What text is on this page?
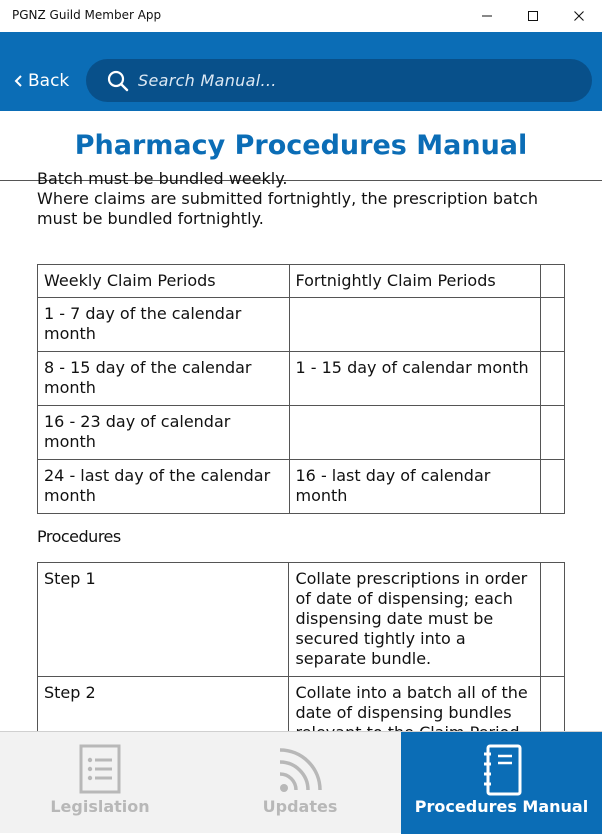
PGNZ Guild Member App
Back	Search Manual...
Pharmacy Procedures Manual
Batch must be bundled weekly.
Where claims are submitted fortnightly, the prescription batch must be bundled fortnightly.
Weekly Claim Periods	Fortnightly Claim Periods	
1 - 7 day of the calendar month		
8 - 15 day of the calendar month	1 - 15 day of calendar month	
16 - 23 day of calendar month		
24 - last day of the calendar month	16 - last day of calendar month	
Procedures
Step 1	Collate prescriptions in order of date of dispensing; each dispensing date must be secured tightly into a separate bundle.	
Step 2	Collate into a batch all of the date of dispensing bundles	
Legislation	Updates	Procedures Manual
